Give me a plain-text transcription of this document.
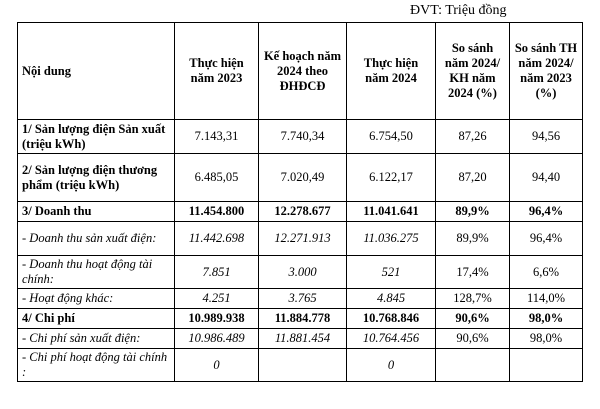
ĐVT: Triệu đồng
Nội dung	Thực hiện năm 2023	Kế hoạch năm 2024 theo ĐHĐCĐ	Thực hiện năm 2024	So sánh năm 2024/ KH năm 2024 (%)	So sánh TH năm 2024/ năm 2023 (%)
1/ Sản lượng điện Sản xuất (triệu kWh)	7.143,31	7.740,34	6.754,50	87,26	94,56
2/ Sản lượng điện thương phẩm (triệu kWh)	6.485,05	7.020,49	6.122,17	87,20	94,40
3/ Doanh thu	11.454.800	12.278.677	11.041.641	89,9%	96,4%
- Doanh thu sản xuất điện:	11.442.698	12.271.913	11.036.275	89,9%	96,4%
- Doanh thu hoạt động tài chính:	7.851	3.000	521	17,4%	6,6%
- Hoạt động khác:	4.251	3.765	4.845	128,7%	114,0%
4/ Chi phí	10.989.938	11.884.778	10.768.846	90,6%	98,0%
- Chi phí sản xuất điện:	10.986.489	11.881.454	10.764.456	90,6%	98,0%
- Chi phí hoạt động tài chính :	0		0		
